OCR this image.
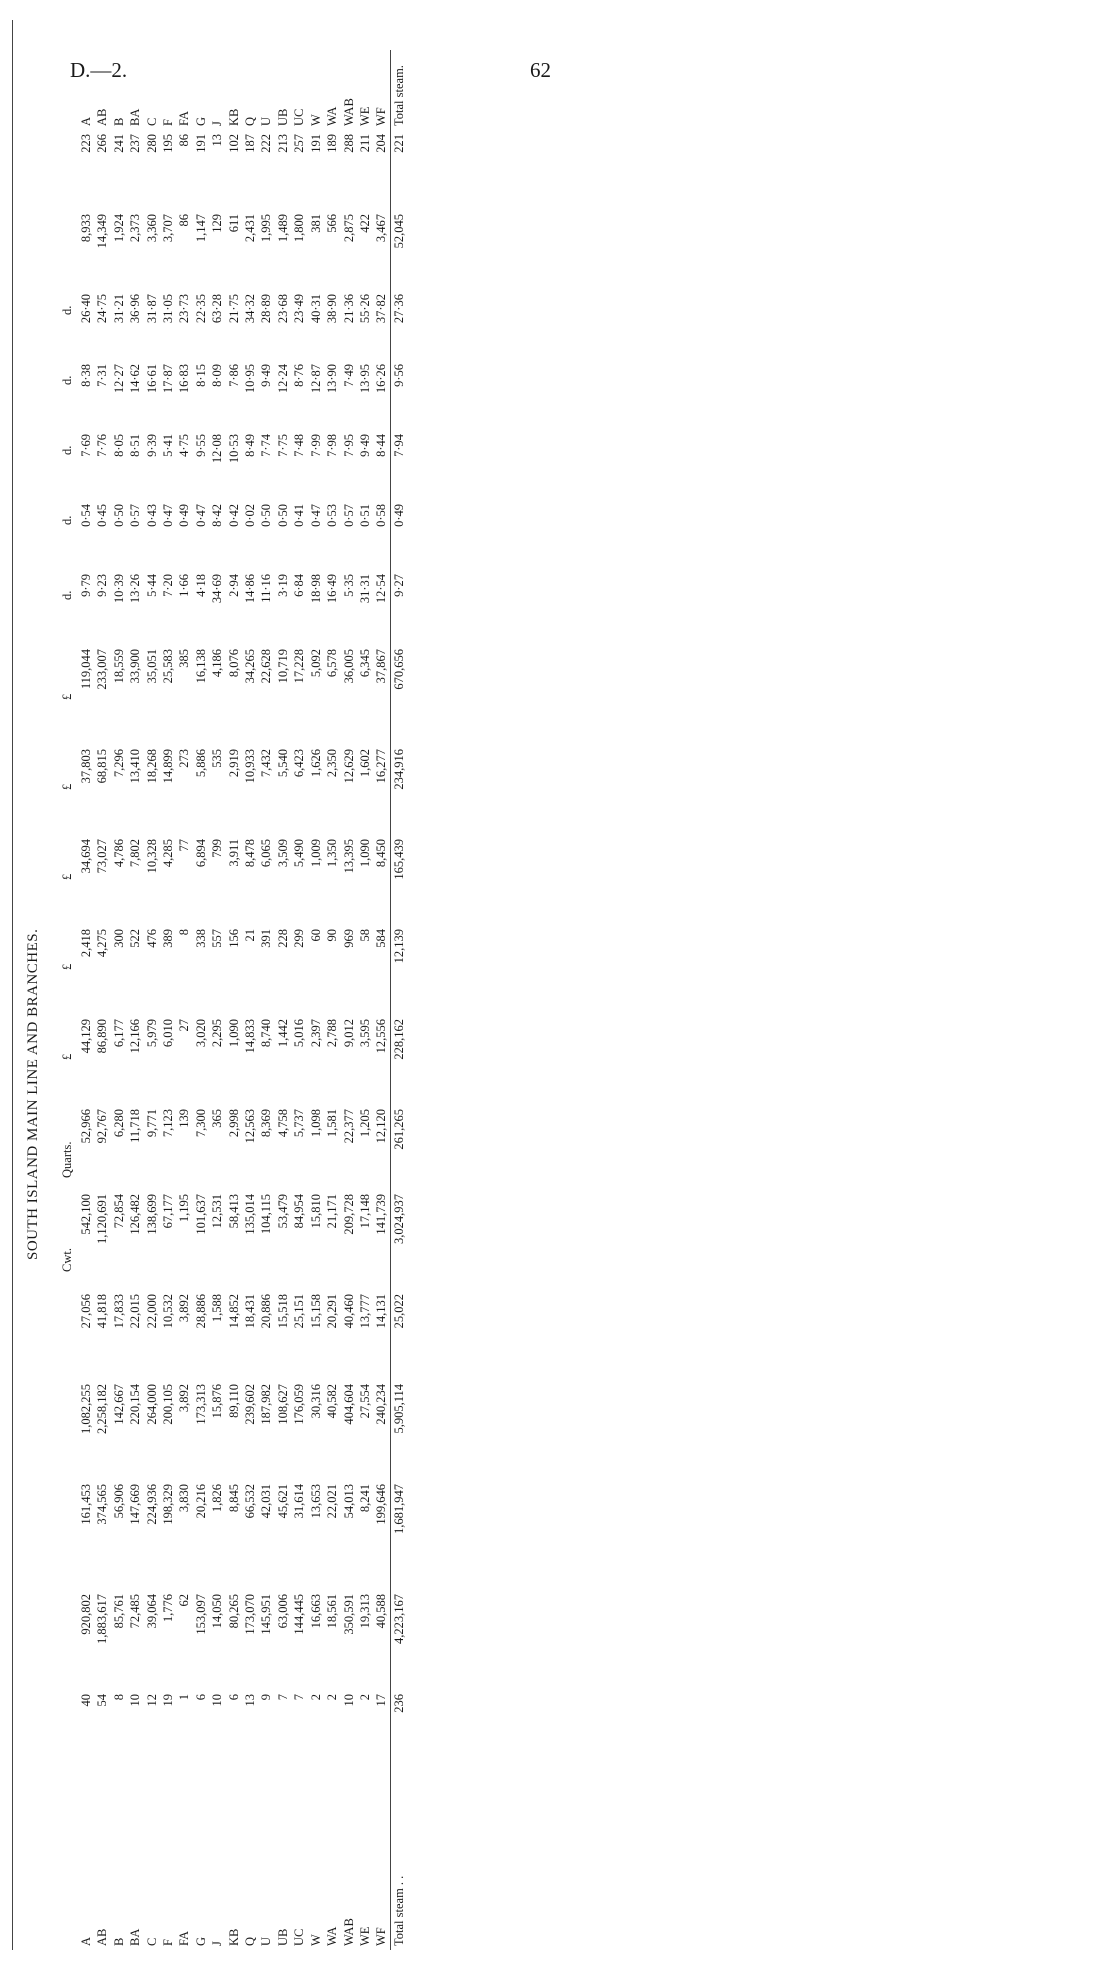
D.—2.	62
SOUTH ISLAND MAIN LINE AND BRANCHES.
Cwt.
Quarts.
£
£
£
£
£
d.
d.
d.
d.
d.
A	40	920,802	161,453	1,082,255	27,056	542,100	52,966	44,129	2,418	34,694	37,803	119,044	9·79	0·54	7·69	8·38	26·40	8,933	223	A
AB	54	1,883,617	374,565	2,258,182	41,818	1,120,691	92,767	86,890	4,275	73,027	68,815	233,007	9·23	0·45	7·76	7·31	24·75	14,349	266	AB
B	8	85,761	56,906	142,667	17,833	72,854	6,280	6,177	300	4,786	7,296	18,559	10·39	0·50	8·05	12·27	31·21	1,924	241	B
BA	10	72,485	147,669	220,154	22,015	126,482	11,718	12,166	522	7,802	13,410	33,900	13·26	0·57	8·51	14·62	36·96	2,373	237	BA
C	12	39,064	224,936	264,000	22,000	138,699	9,771	5,979	476	10,328	18,268	35,051	5·44	0·43	9·39	16·61	31·87	3,360	280	C
F	19	1,776	198,329	200,105	10,532	67,177	7,123	6,010	389	4,285	14,899	25,583	7·20	0·47	5·41	17·87	31·05	3,707	195	F
FA	1	62	3,830	3,892	3,892	1,195	139	27	8	77	273	385	1·66	0·49	4·75	16·83	23·73	86	86	FA
G	6	153,097	20,216	173,313	28,886	101,637	7,300	3,020	338	6,894	5,886	16,138	4·18	0·47	9·55	8·15	22·35	1,147	191	G
J	10	14,050	1,826	15,876	1,588	12,531	365	2,295	557	799	535	4,186	34·69	8·42	12·08	8·09	63·28	129	13	J
KB	6	80,265	8,845	89,110	14,852	58,413	2,998	1,090	156	3,911	2,919	8,076	2·94	0·42	10·53	7·86	21·75	611	102	KB
Q	13	173,070	66,532	239,602	18,431	135,014	12,563	14,833	21	8,478	10,933	34,265	14·86	0·02	8·49	10·95	34·32	2,431	187	Q
U	9	145,951	42,031	187,982	20,886	104,115	8,369	8,740	391	6,065	7,432	22,628	11·16	0·50	7·74	9·49	28·89	1,995	222	U
UB	7	63,006	45,621	108,627	15,518	53,479	4,758	1,442	228	3,509	5,540	10,719	3·19	0·50	7·75	12·24	23·68	1,489	213	UB
UC	7	144,445	31,614	176,059	25,151	84,954	5,737	5,016	299	5,490	6,423	17,228	6·84	0·41	7·48	8·76	23·49	1,800	257	UC
W	2	16,663	13,653	30,316	15,158	15,810	1,098	2,397	60	1,009	1,626	5,092	18·98	0·47	7·99	12·87	40·31	381	191	W
WA	2	18,561	22,021	40,582	20,291	21,171	1,581	2,788	90	1,350	2,350	6,578	16·49	0·53	7·98	13·90	38·90	566	189	WA
WAB	10	350,591	54,013	404,604	40,460	209,728	22,377	9,012	969	13,395	12,629	36,005	5·35	0·57	7·95	7·49	21·36	2,875	288	WAB
WE	2	19,313	8,241	27,554	13,777	17,148	1,205	3,595	58	1,090	1,602	6,345	31·31	0·51	9·49	13·95	55·26	422	211	WE
WF	17	40,588	199,646	240,234	14,131	141,739	12,120	12,556	584	8,450	16,277	37,867	12·54	0·58	8·44	16·26	37·82	3,467	204	WF
Total steam . .	236	4,223,167	1,681,947	5,905,114	25,022	3,024,937	261,265	228,162	12,139	165,439	234,916	670,656	9·27	0·49	7·94	9·56	27·36	52,045	221	Total steam.
